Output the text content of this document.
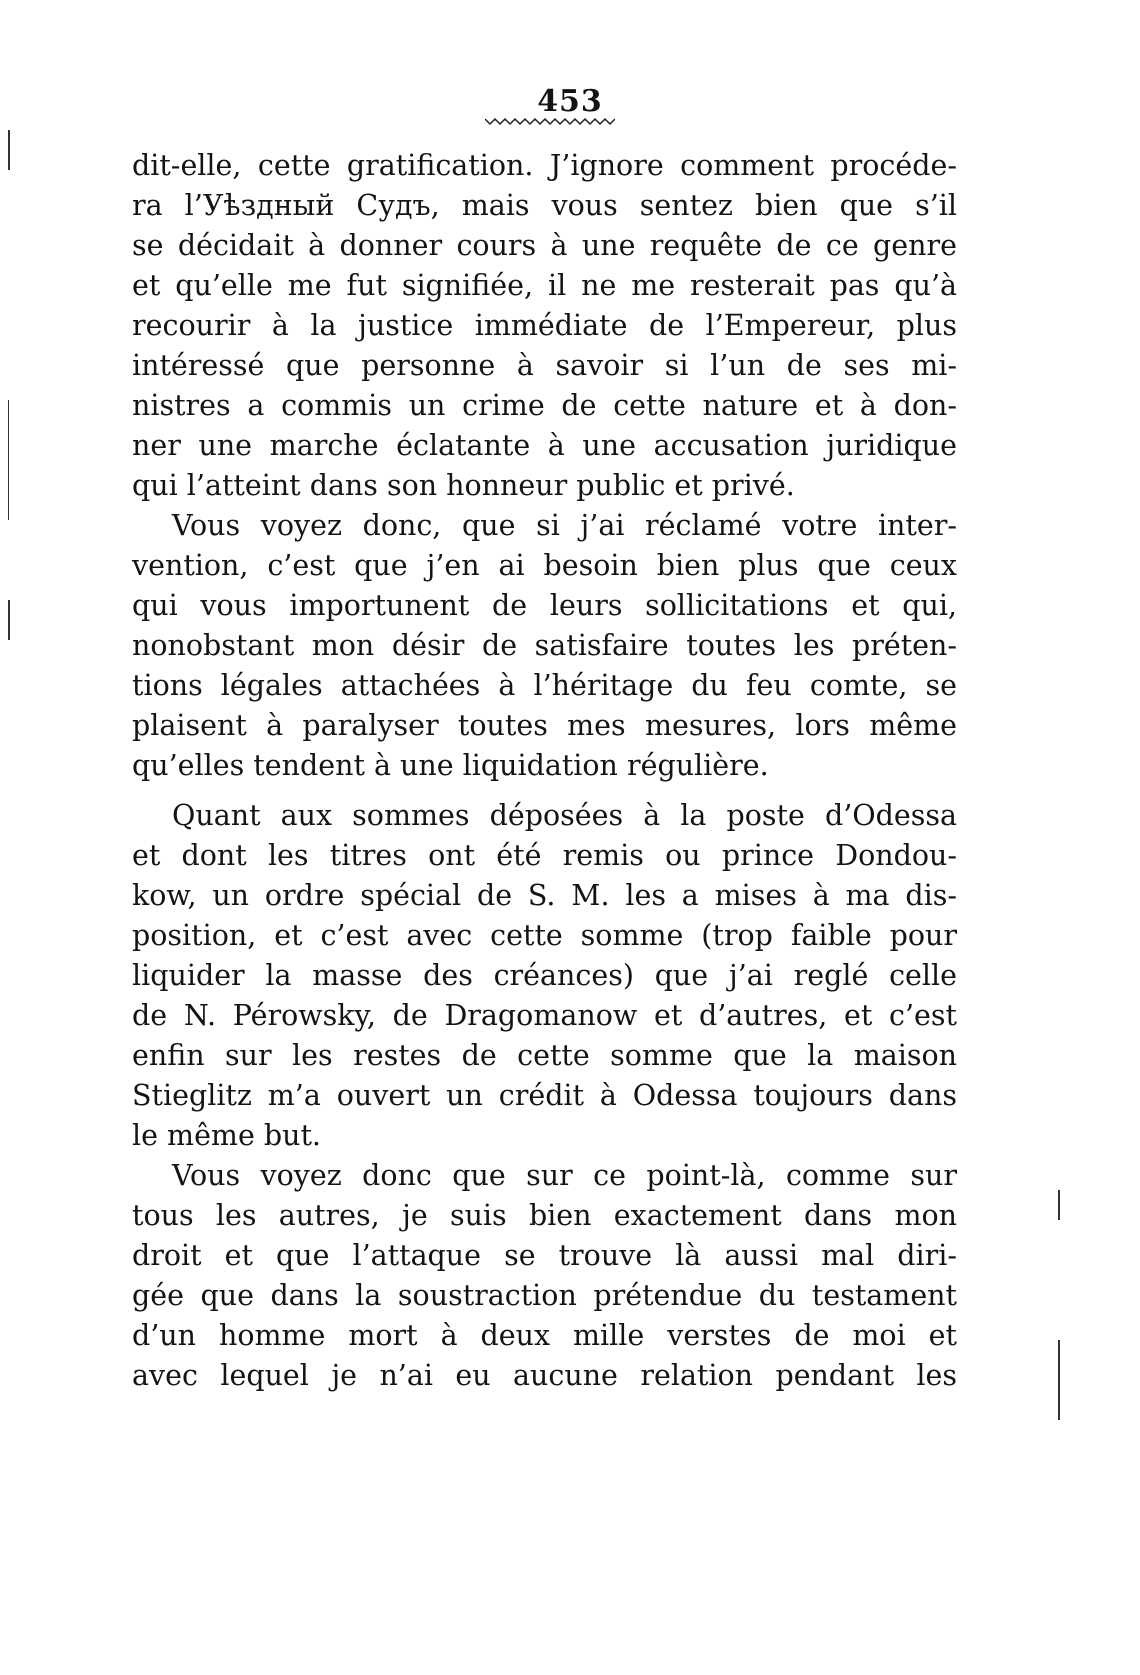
453
dit-elle, cette gratification. J’ignore comment procéde-
ra l’Уѣздный Судъ, mais vous sentez bien que s’il
se décidait à donner cours à une requête de ce genre
et qu’elle me fut signifiée, il ne me resterait pas qu’à
recourir à la justice immédiate de l’Empereur, plus
intéressé que personne à savoir si l’un de ses mi-
nistres a commis un crime de cette nature et à don-
ner une marche éclatante à une accusation juridique
qui l’atteint dans son honneur public et privé.
Vous voyez donc, que si j’ai réclamé votre inter-
vention, c’est que j’en ai besoin bien plus que ceux
qui vous importunent de leurs sollicitations et qui,
nonobstant mon désir de satisfaire toutes les préten-
tions légales attachées à l’héritage du feu comte, se
plaisent à paralyser toutes mes mesures, lors même
qu’elles tendent à une liquidation régulière.
Quant aux sommes déposées à la poste d’Odessa
et dont les titres ont été remis ou prince Dondou-
kow, un ordre spécial de S. M. les a mises à ma dis-
position, et c’est avec cette somme (trop faible pour
liquider la masse des créances) que j’ai reglé celle
de N. Pérowsky, de Dragomanow et d’autres, et c’est
enfin sur les restes de cette somme que la maison
Stieglitz m’a ouvert un crédit à Odessa toujours dans
le même but.
Vous voyez donc que sur ce point-là, comme sur
tous les autres, je suis bien exactement dans mon
droit et que l’attaque se trouve là aussi mal diri-
gée que dans la soustraction prétendue du testament
d’un homme mort à deux mille verstes de moi et
avec lequel je n’ai eu aucune relation pendant les
